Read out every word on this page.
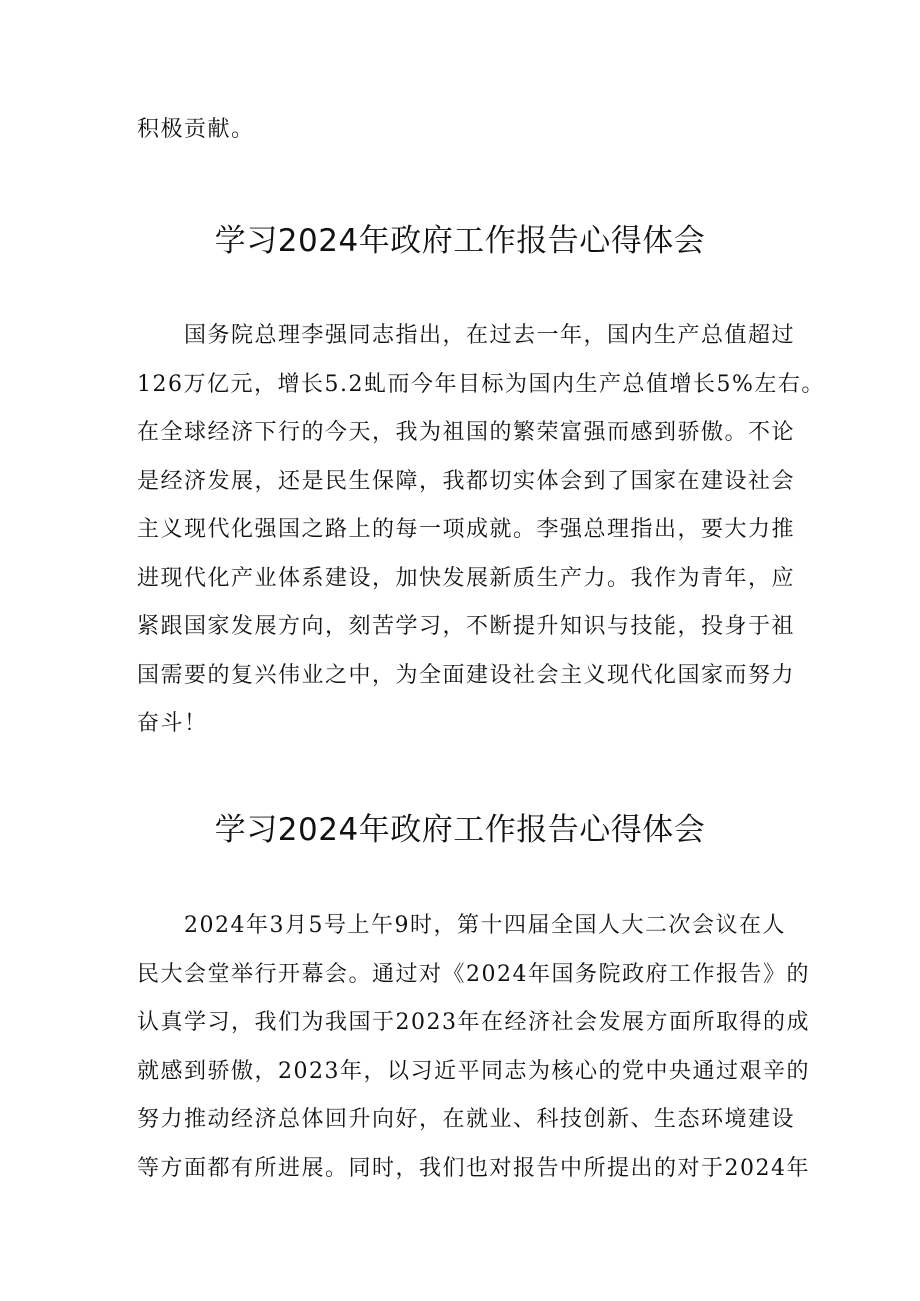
积极贡献。

学习2024年政府工作报告心得体会

国务院总理李强同志指出，在过去一年，国内生产总值超过
126万亿元，增长5.2虬而今年目标为国内生产总值增长5%左右。
在全球经济下行的今天，我为祖国的繁荣富强而感到骄傲。不论
是经济发展，还是民生保障，我都切实体会到了国家在建设社会
主义现代化强国之路上的每一项成就。李强总理指出，要大力推
进现代化产业体系建设，加快发展新质生产力。我作为青年，应
紧跟国家发展方向，刻苦学习，不断提升知识与技能，投身于祖
国需要的复兴伟业之中，为全面建设社会主义现代化国家而努力
奋斗！

学习2024年政府工作报告心得体会

2024年3月5号上午9时，第十四届全国人大二次会议在人
民大会堂举行开幕会。通过对《2024年国务院政府工作报告》的
认真学习，我们为我国于2023年在经济社会发展方面所取得的成
就感到骄傲，2023年，以习近平同志为核心的党中央通过艰辛的
努力推动经济总体回升向好，在就业、科技创新、生态环境建设
等方面都有所进展。同时，我们也对报告中所提出的对于2024年
